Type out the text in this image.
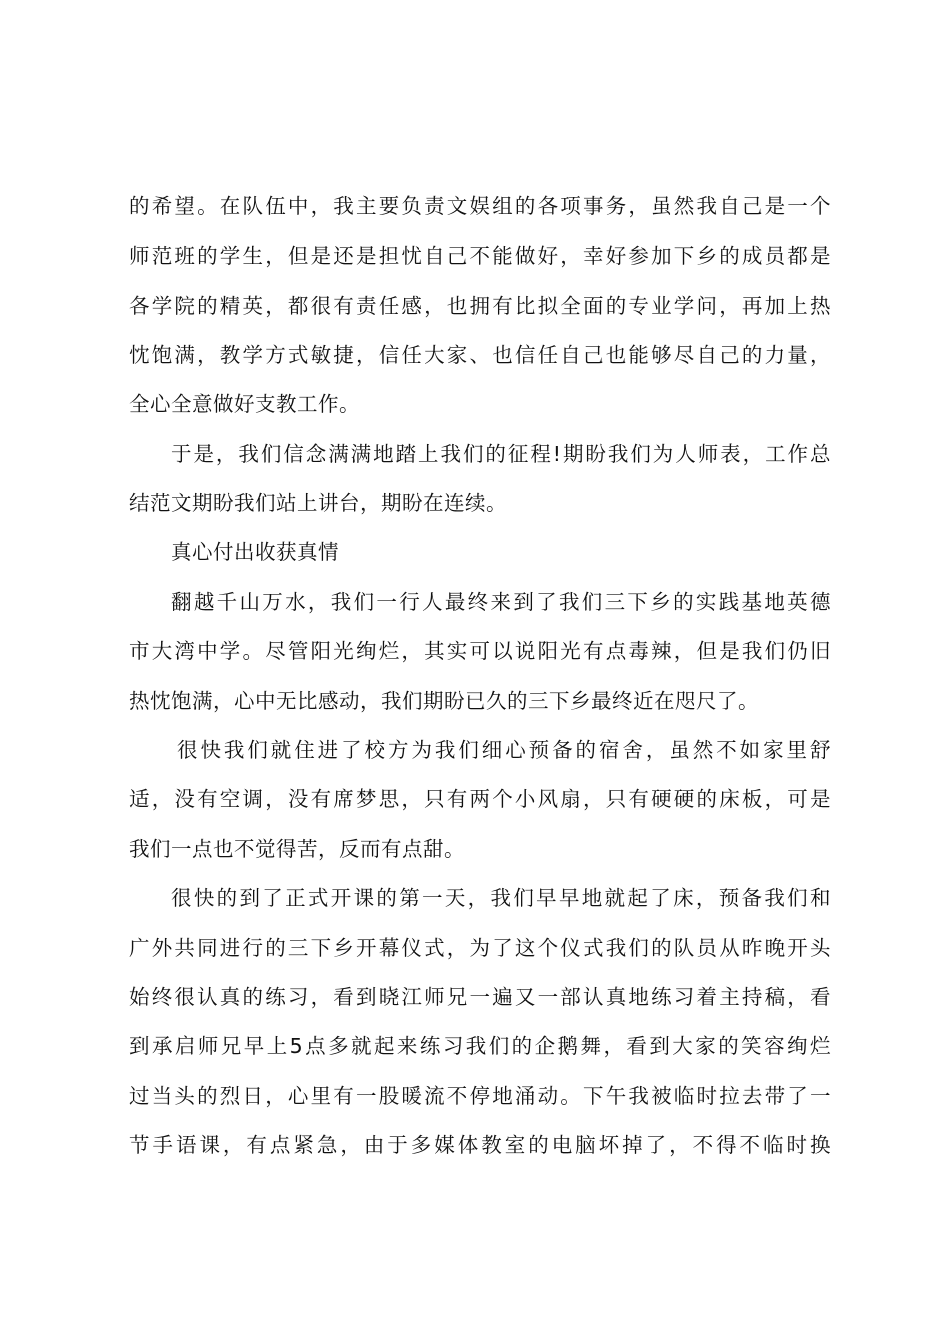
的希望。在队伍中，我主要负责文娱组的各项事务，虽然我自己是一个
师范班的学生，但是还是担忧自己不能做好，幸好参加下乡的成员都是
各学院的精英，都很有责任感，也拥有比拟全面的专业学问，再加上热
忱饱满，教学方式敏捷，信任大家、也信任自己也能够尽自己的力量，
全心全意做好支教工作。
于是，我们信念满满地踏上我们的征程!期盼我们为人师表，工作总
结范文期盼我们站上讲台，期盼在连续。
真心付出收获真情
翻越千山万水，我们一行人最终来到了我们三下乡的实践基地英德
市大湾中学。尽管阳光绚烂，其实可以说阳光有点毒辣，但是我们仍旧
热忱饱满，心中无比感动，我们期盼已久的三下乡最终近在咫尺了。
很快我们就住进了校方为我们细心预备的宿舍，虽然不如家里舒
适，没有空调，没有席梦思，只有两个小风扇，只有硬硬的床板，可是
我们一点也不觉得苦，反而有点甜。
很快的到了正式开课的第一天，我们早早地就起了床，预备我们和
广外共同进行的三下乡开幕仪式，为了这个仪式我们的队员从昨晚开头
始终很认真的练习，看到晓江师兄一遍又一部认真地练习着主持稿，看
到承启师兄早上5点多就起来练习我们的企鹅舞，看到大家的笑容绚烂
过当头的烈日，心里有一股暖流不停地涌动。下午我被临时拉去带了一
节手语课，有点紧急，由于多媒体教室的电脑坏掉了，不得不临时换
